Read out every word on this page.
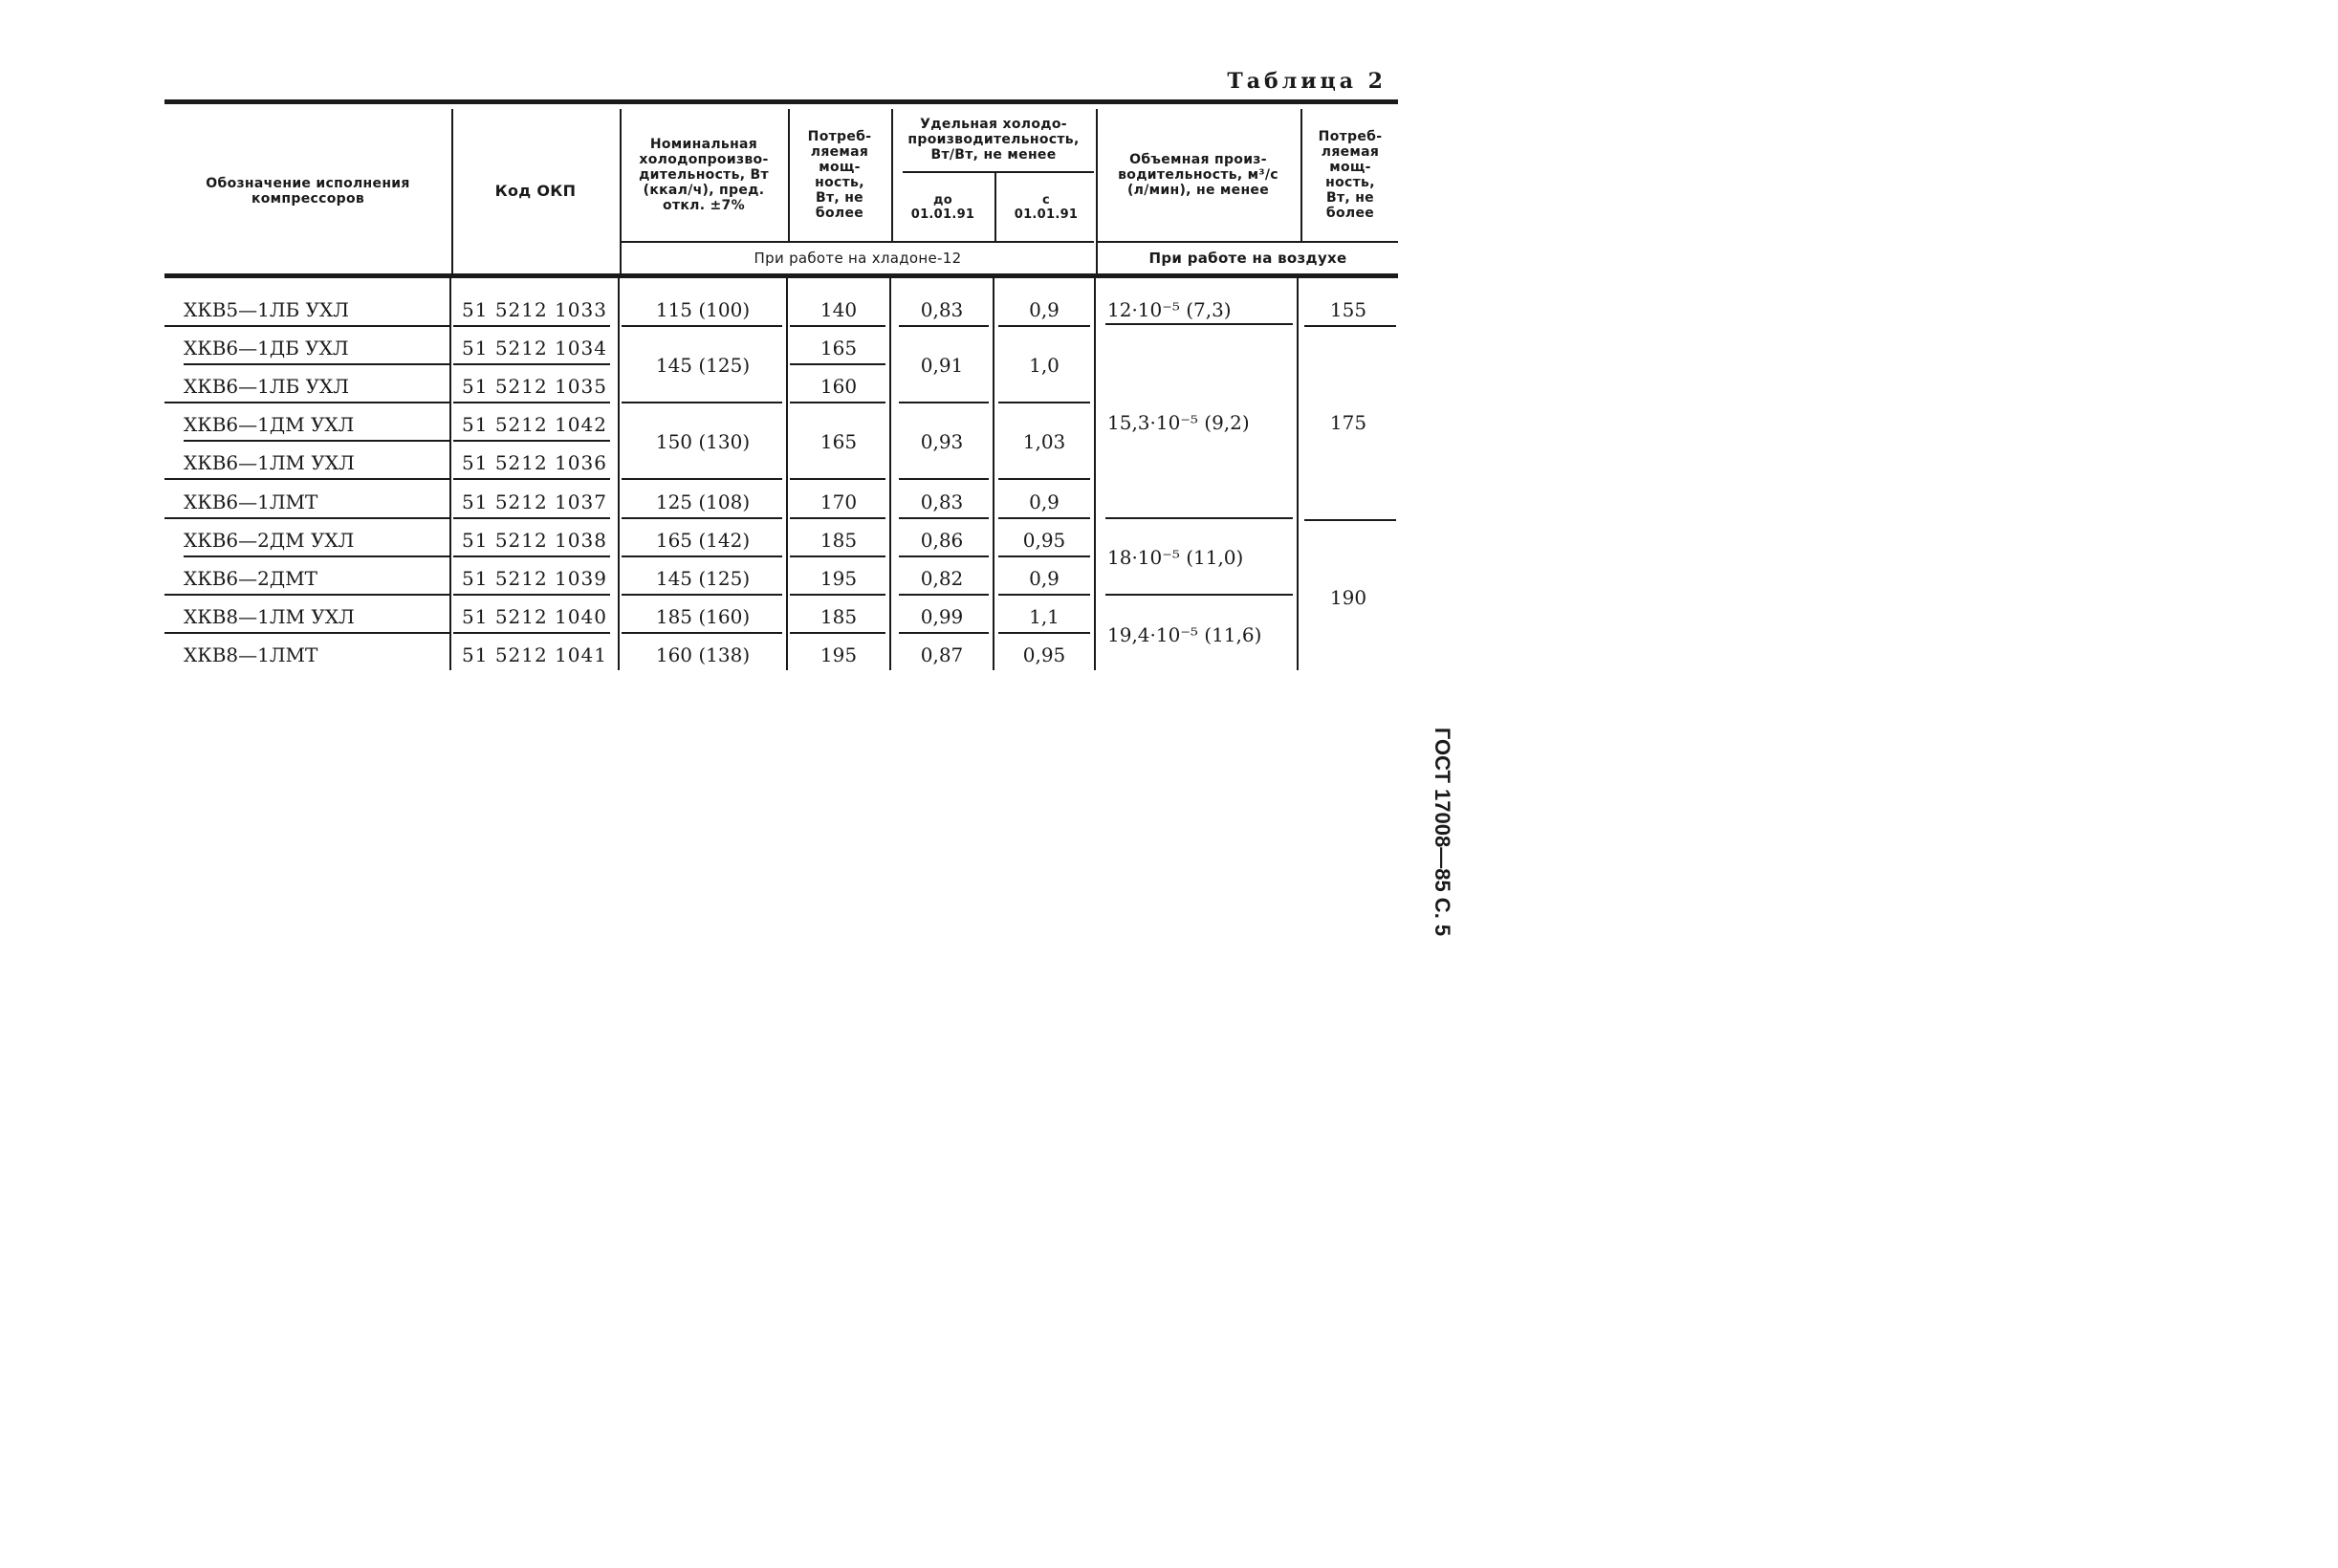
Таблица 2
ГОСТ 17008—85 С. 5
Обозначение исполнения
компрессоров	Код ОКП
Номинальная
холодопроизво-
дительность, Вт
(ккал/ч), пред.
откл. ±7%
Потреб-
ляемая
мощ-
ность,
Вт, не
более
Удельная холодо-
производительность,
Вт/Вт, не менее
до
01.01.91
с
01.01.91
Объемная произ-
водительность, м³/с
(л/мин), не менее
Потреб-
ляемая
мощ-
ность,
Вт, не
более
При работе на хладоне-12	При работе на воздухе
ХКВ5—1ЛБ УХЛ
ХКВ6—1ДБ УХЛ
ХКВ6—1ЛБ УХЛ
ХКВ6—1ДМ УХЛ
ХКВ6—1ЛМ УХЛ
ХКВ6—1ЛМТ
ХКВ6—2ДМ УХЛ
ХКВ6—2ДМТ
ХКВ8—1ЛМ УХЛ
ХКВ8—1ЛМТ
51 5212 1033
51 5212 1034
51 5212 1035
51 5212 1042
51 5212 1036
51 5212 1037
51 5212 1038
51 5212 1039
51 5212 1040
51 5212 1041
115 (100)
145 (125)
150 (130)
125 (108)
165 (142)
145 (125)
185 (160)
160 (138)
140
165
160
165
170
185
195
185
195
0,83
0,91
0,93
0,83
0,86
0,82
0,99
0,87
0,9
1,0
1,03
0,9
0,95
0,9
1,1
0,95
12·10⁻⁵ (7,3)
15,3·10⁻⁵ (9,2)
18·10⁻⁵ (11,0)
19,4·10⁻⁵ (11,6)
155
175
190
